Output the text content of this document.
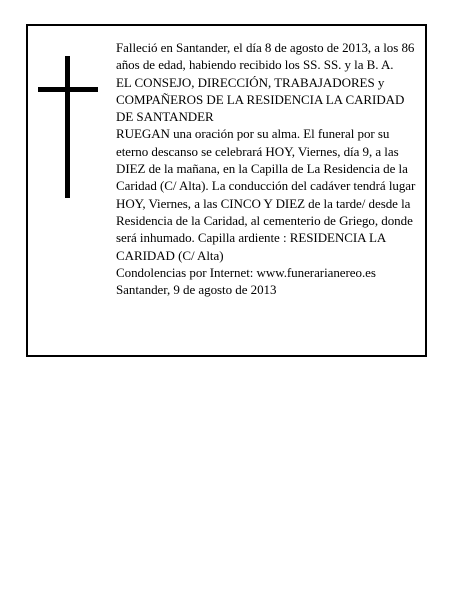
Falleció en Santander, el día 8 de agosto de 2013, a los 86 años de edad, habiendo recibido los SS. SS. y la B. A.

EL CONSEJO, DIRECCIÓN, TRABAJADORES y COMPAÑEROS DE LA RESIDENCIA LA CARIDAD DE SANTANDER

RUEGAN una oración por su alma. El funeral por su eterno descanso se celebrará HOY, Viernes, día 9, a las DIEZ de la mañana, en la Capilla de La Residencia de la Caridad (C/ Alta). La conducción del cadáver tendrá lugar HOY, Viernes, a las CINCO Y DIEZ de la tarde/ desde la Residencia de la Caridad, al cementerio de Griego, donde será inhumado. Capilla ardiente : RESIDENCIA LA CARIDAD (C/ Alta)

Condolencias por Internet: www.funerarianereo.es

Santander, 9 de agosto de 2013
